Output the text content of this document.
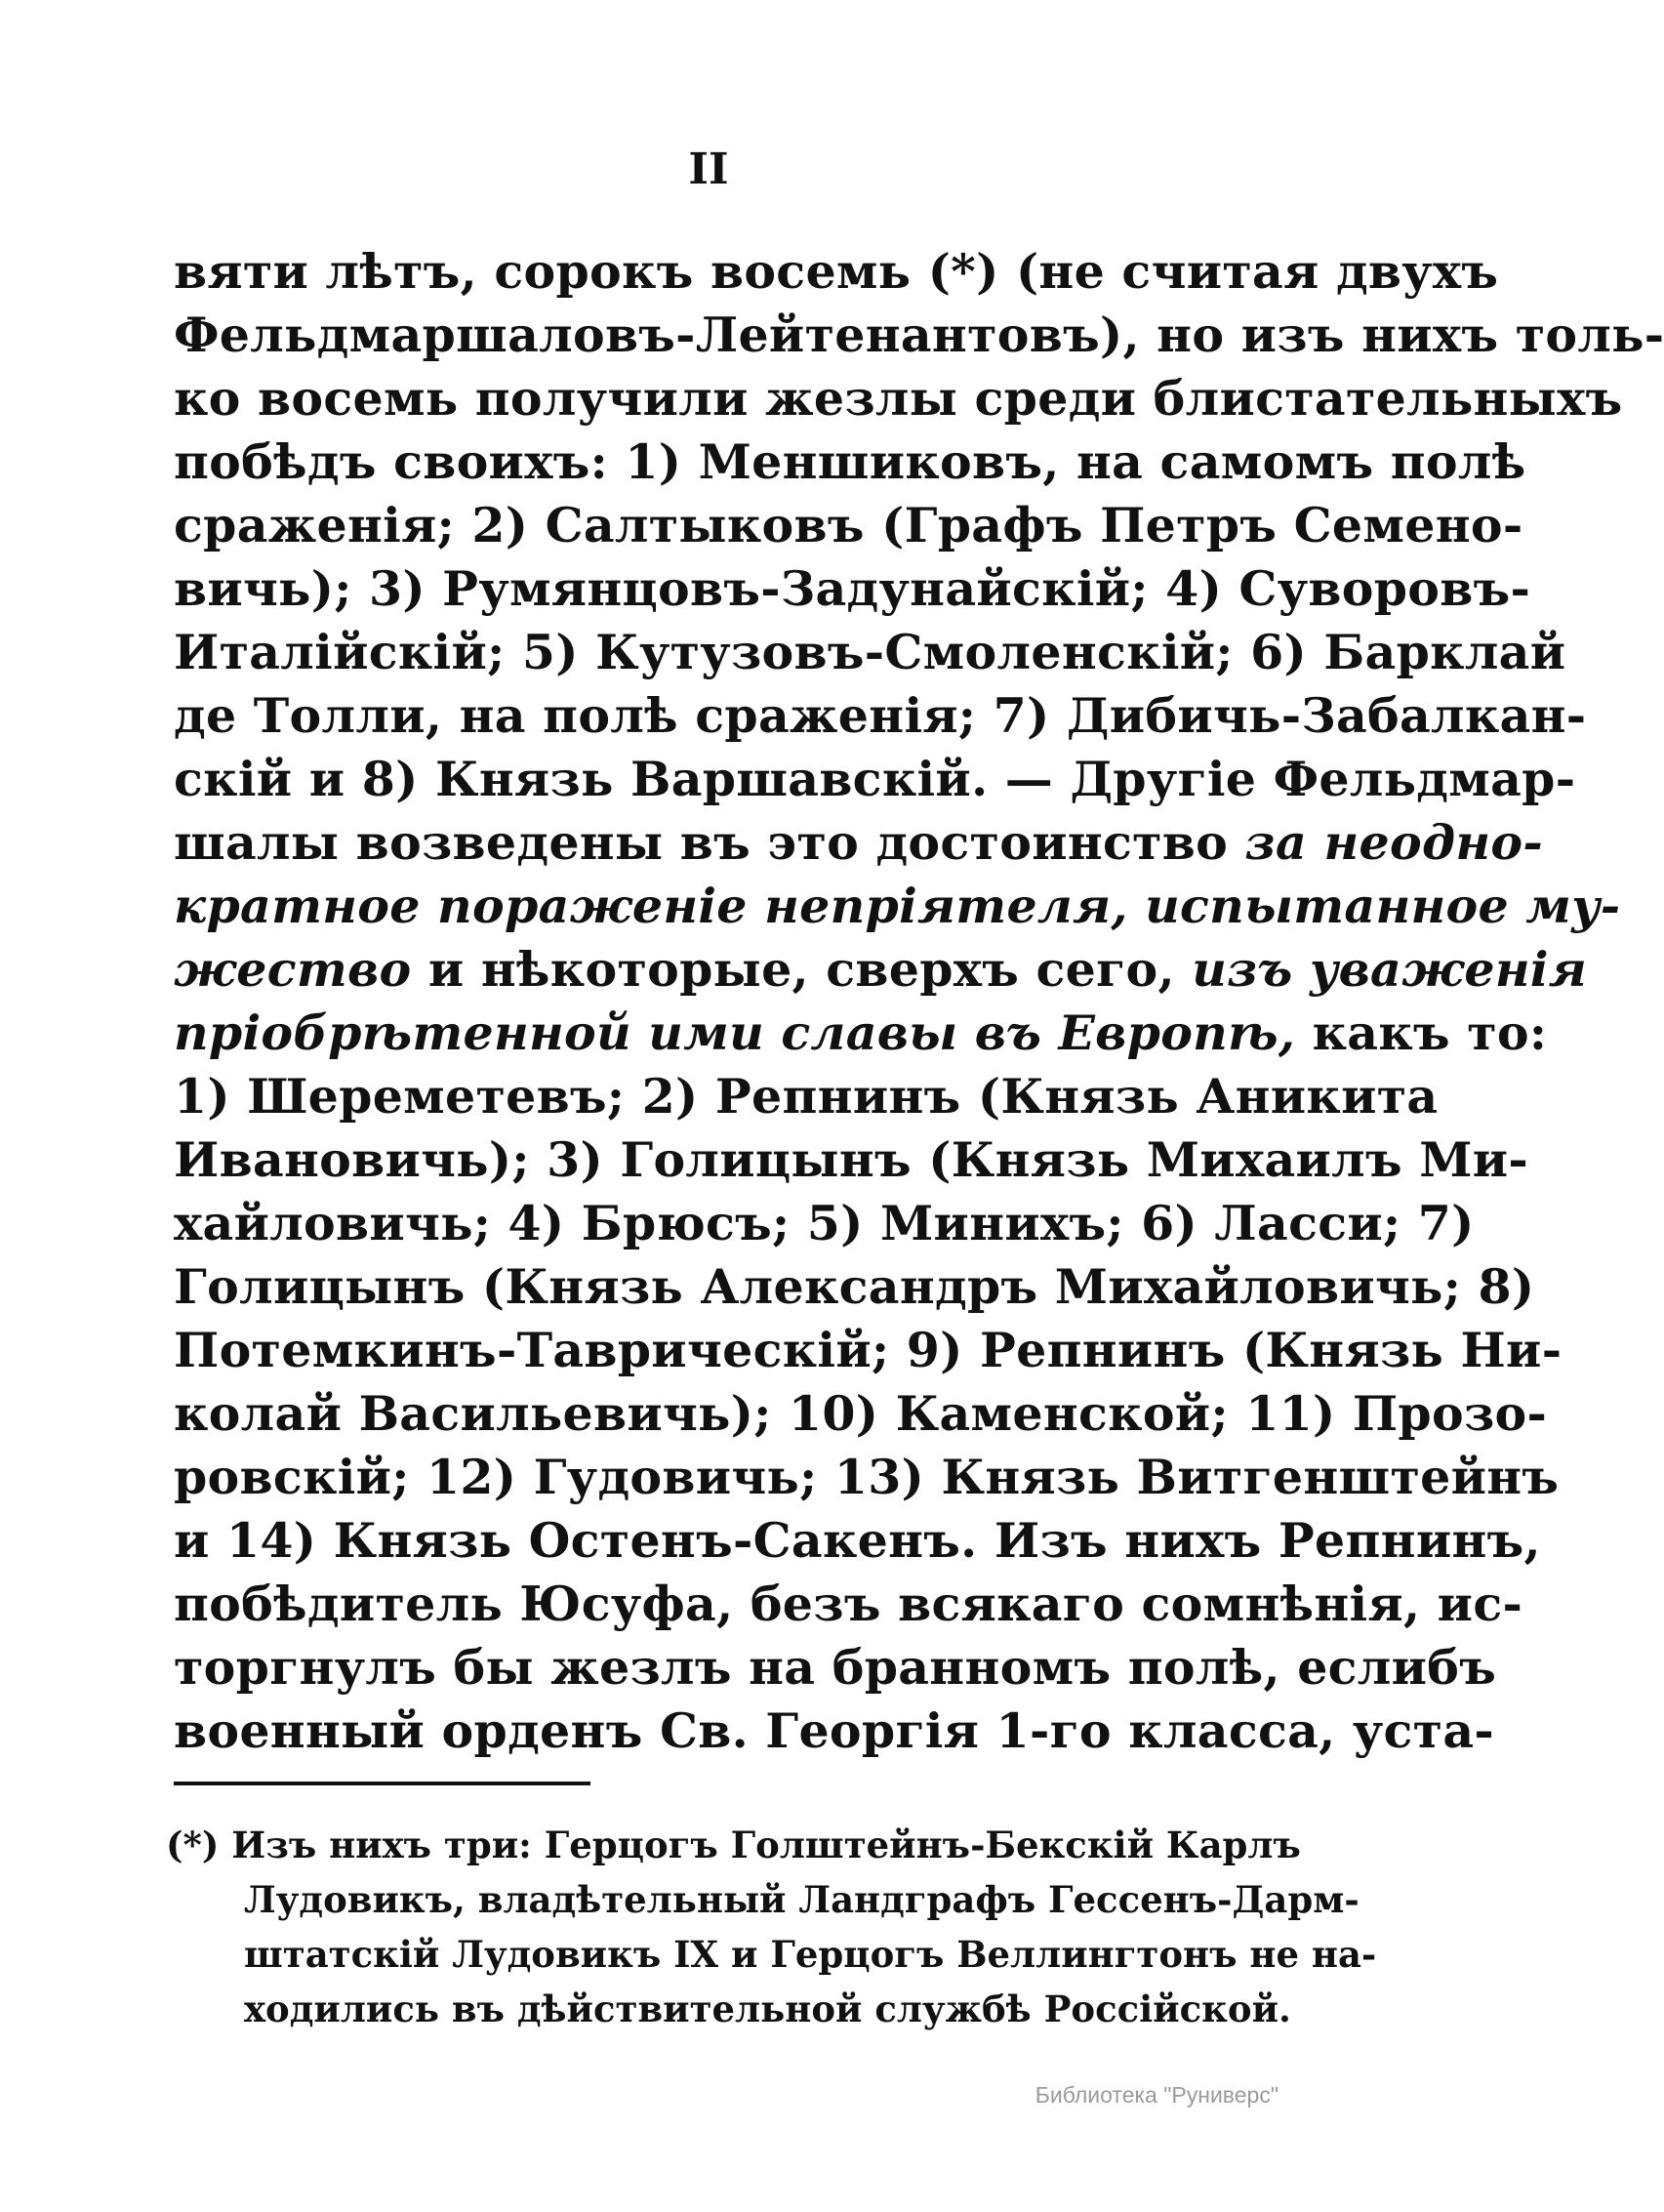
II
вяти лѣтъ, сорокъ восемь (*) (не считая двухъ
Фельдмаршаловъ-Лейтенантовъ), но изъ нихъ толь-
ко восемь получили жезлы среди блистательныхъ
побѣдъ своихъ: 1) Меншиковъ, на самомъ полѣ
сраженія; 2) Салтыковъ (Графъ Петръ Семено-
вичь); 3) Румянцовъ-Задунайскій; 4) Суворовъ-
Италійскій; 5) Кутузовъ-Смоленскій; 6) Барклай
де Толли, на полѣ сраженія; 7) Дибичь-Забалкан-
скій и 8) Князь Варшавскій. — Другіе Фельдмар-
шалы возведены въ это достоинство за неодно-
кратное пораженіе непріятеля, испытанное му-
жество и нѣкоторые, сверхъ сего, изъ уваженія
пріобрѣтенной ими славы въ Европѣ, какъ то:
1) Шереметевъ; 2) Репнинъ (Князь Аникита
Ивановичь); 3) Голицынъ (Князь Михаилъ Ми-
хайловичь; 4) Брюсъ; 5) Минихъ; 6) Ласси; 7)
Голицынъ (Князь Александръ Михайловичь; 8)
Потемкинъ-Таврическій; 9) Репнинъ (Князь Ни-
колай Васильевичь); 10) Каменской; 11) Прозо-
ровскій; 12) Гудовичь; 13) Князь Витгенштейнъ
и 14) Князь Остенъ-Сакенъ. Изъ нихъ Репнинъ,
побѣдитель Юсуфа, безъ всякаго сомнѣнія, ис-
торгнулъ бы жезлъ на бранномъ полѣ, еслибъ
военный орденъ Св. Георгія 1-го класса, уста-
(*) Изъ нихъ три: Герцогъ Голштейнъ-Бекскій Карлъ
Лудовикъ, владѣтельный Ландграфъ Гессенъ-Дарм-
штатскій Лудовикъ IX и Герцогъ Веллингтонъ не на-
ходились въ дѣйствительной службѣ Россійской.
Библиотека "Руниверс"
